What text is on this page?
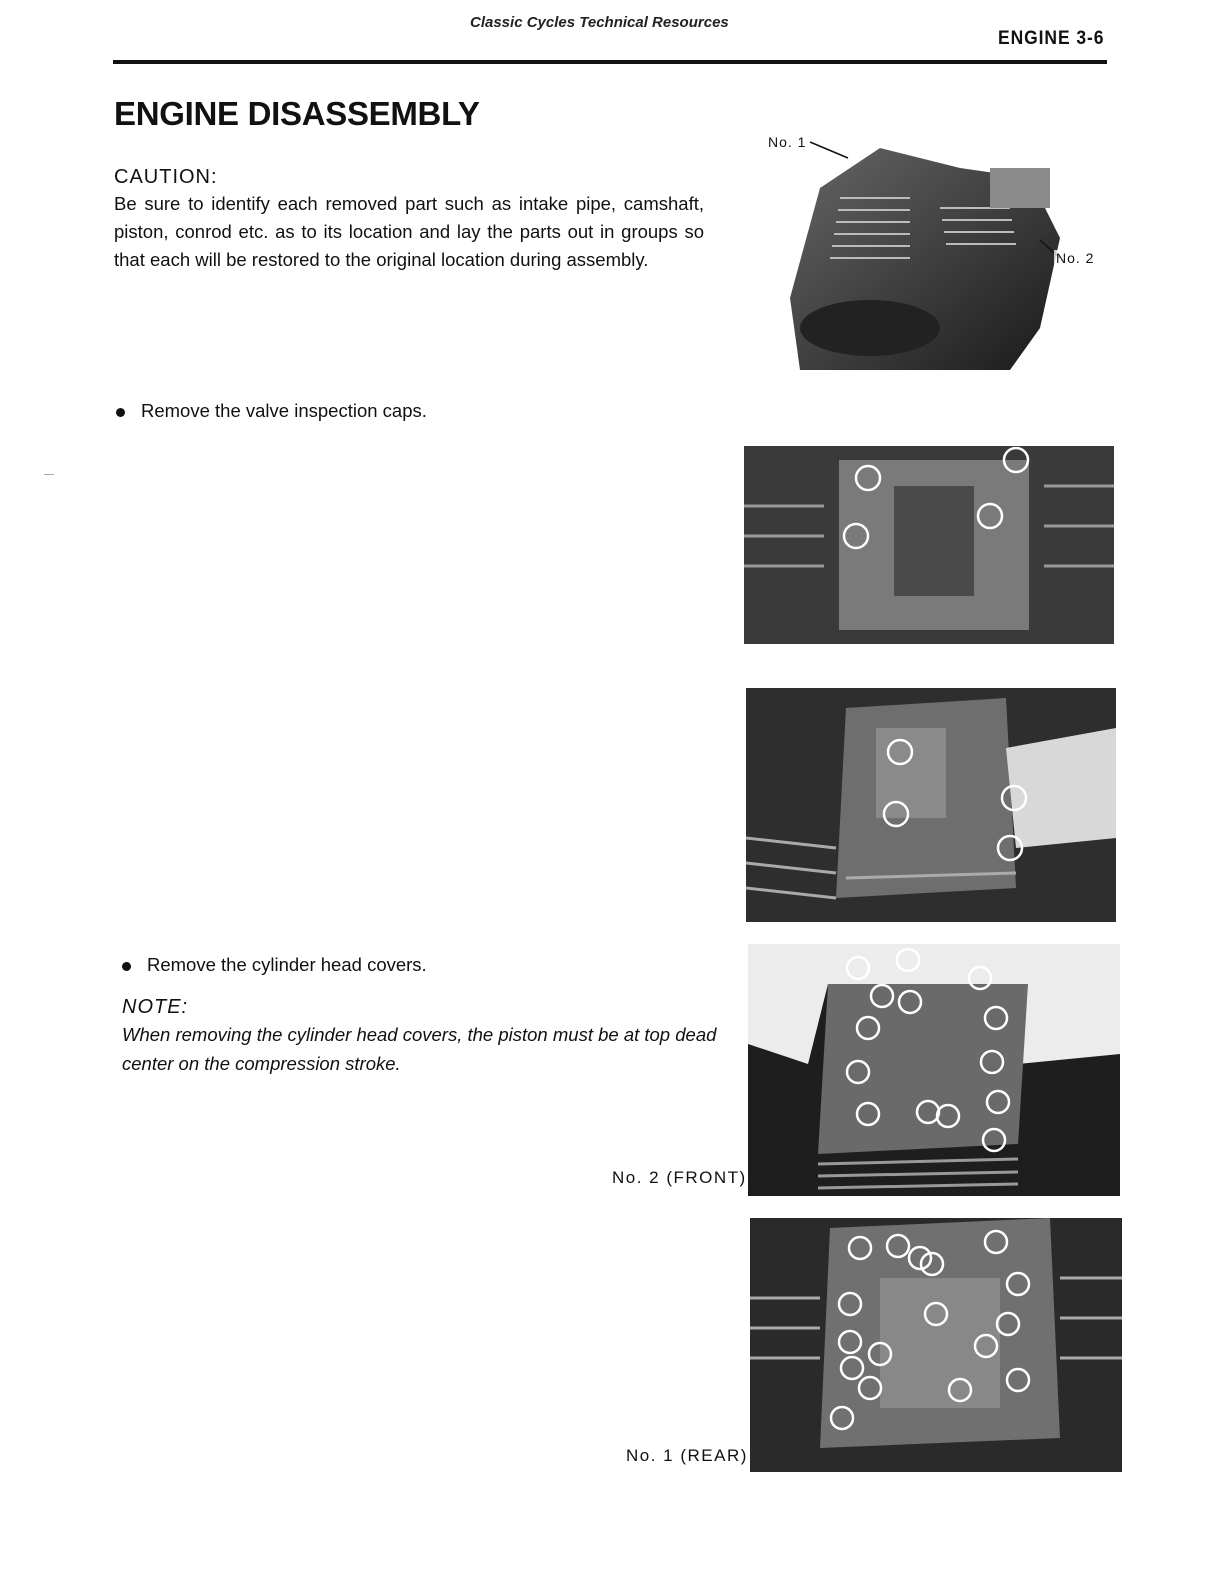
Classic Cycles Technical Resources
ENGINE 3-6
ENGINE DISASSEMBLY
CAUTION:
Be sure to identify each removed part such as intake pipe, camshaft, piston, conrod etc. as to its location and lay the parts out in groups so that each will be restored to the original location during assembly.
Remove the valve inspection caps.
Remove the cylinder head covers.
NOTE:
When removing the cylinder head covers, the piston must be at top dead center on the compression stroke.
No. 1
No. 2
No. 2 (FRONT)
No. 1 (REAR)
